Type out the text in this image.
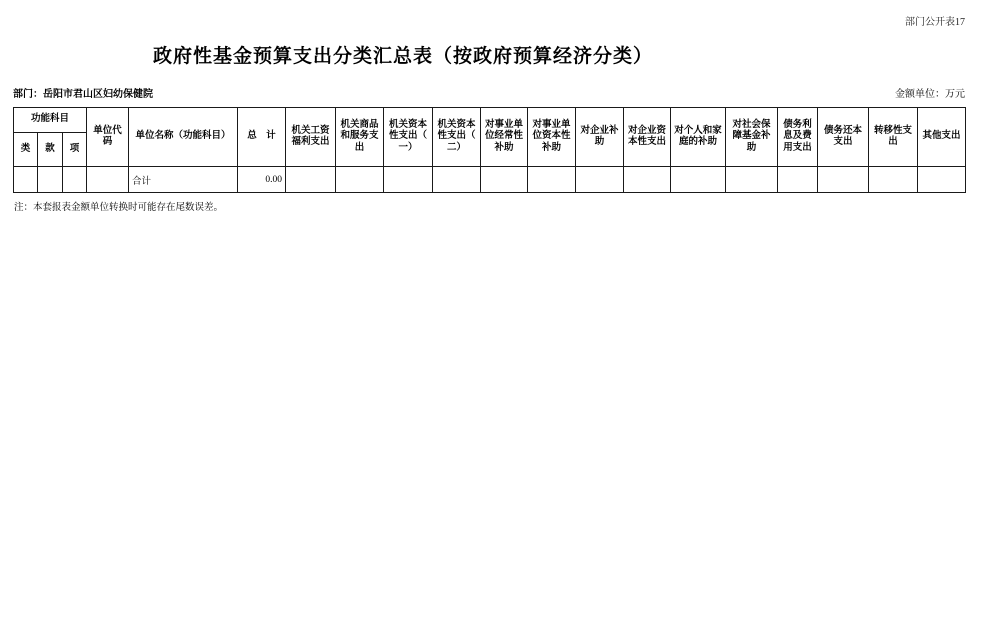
部门公开表17
政府性基金预算支出分类汇总表（按政府预算经济分类）
部门：岳阳市君山区妇幼保健院	金额单位：万元
功能科目			单位代码	单位名称（功能科目）	总　计	机关工资福利支出	机关商品和服务支出	机关资本性支出（一）	机关资本性支出（二）	对事业单位经常性补助	对事业单位资本性补助	对企业补助	对企业资本性支出	对个人和家庭的补助	对社会保障基金补助	债务利息及费用支出	债务还本支出	转移性支出	其他支出
类	款	项																	
				合计	0.00														
注：本套报表金额单位转换时可能存在尾数误差。
